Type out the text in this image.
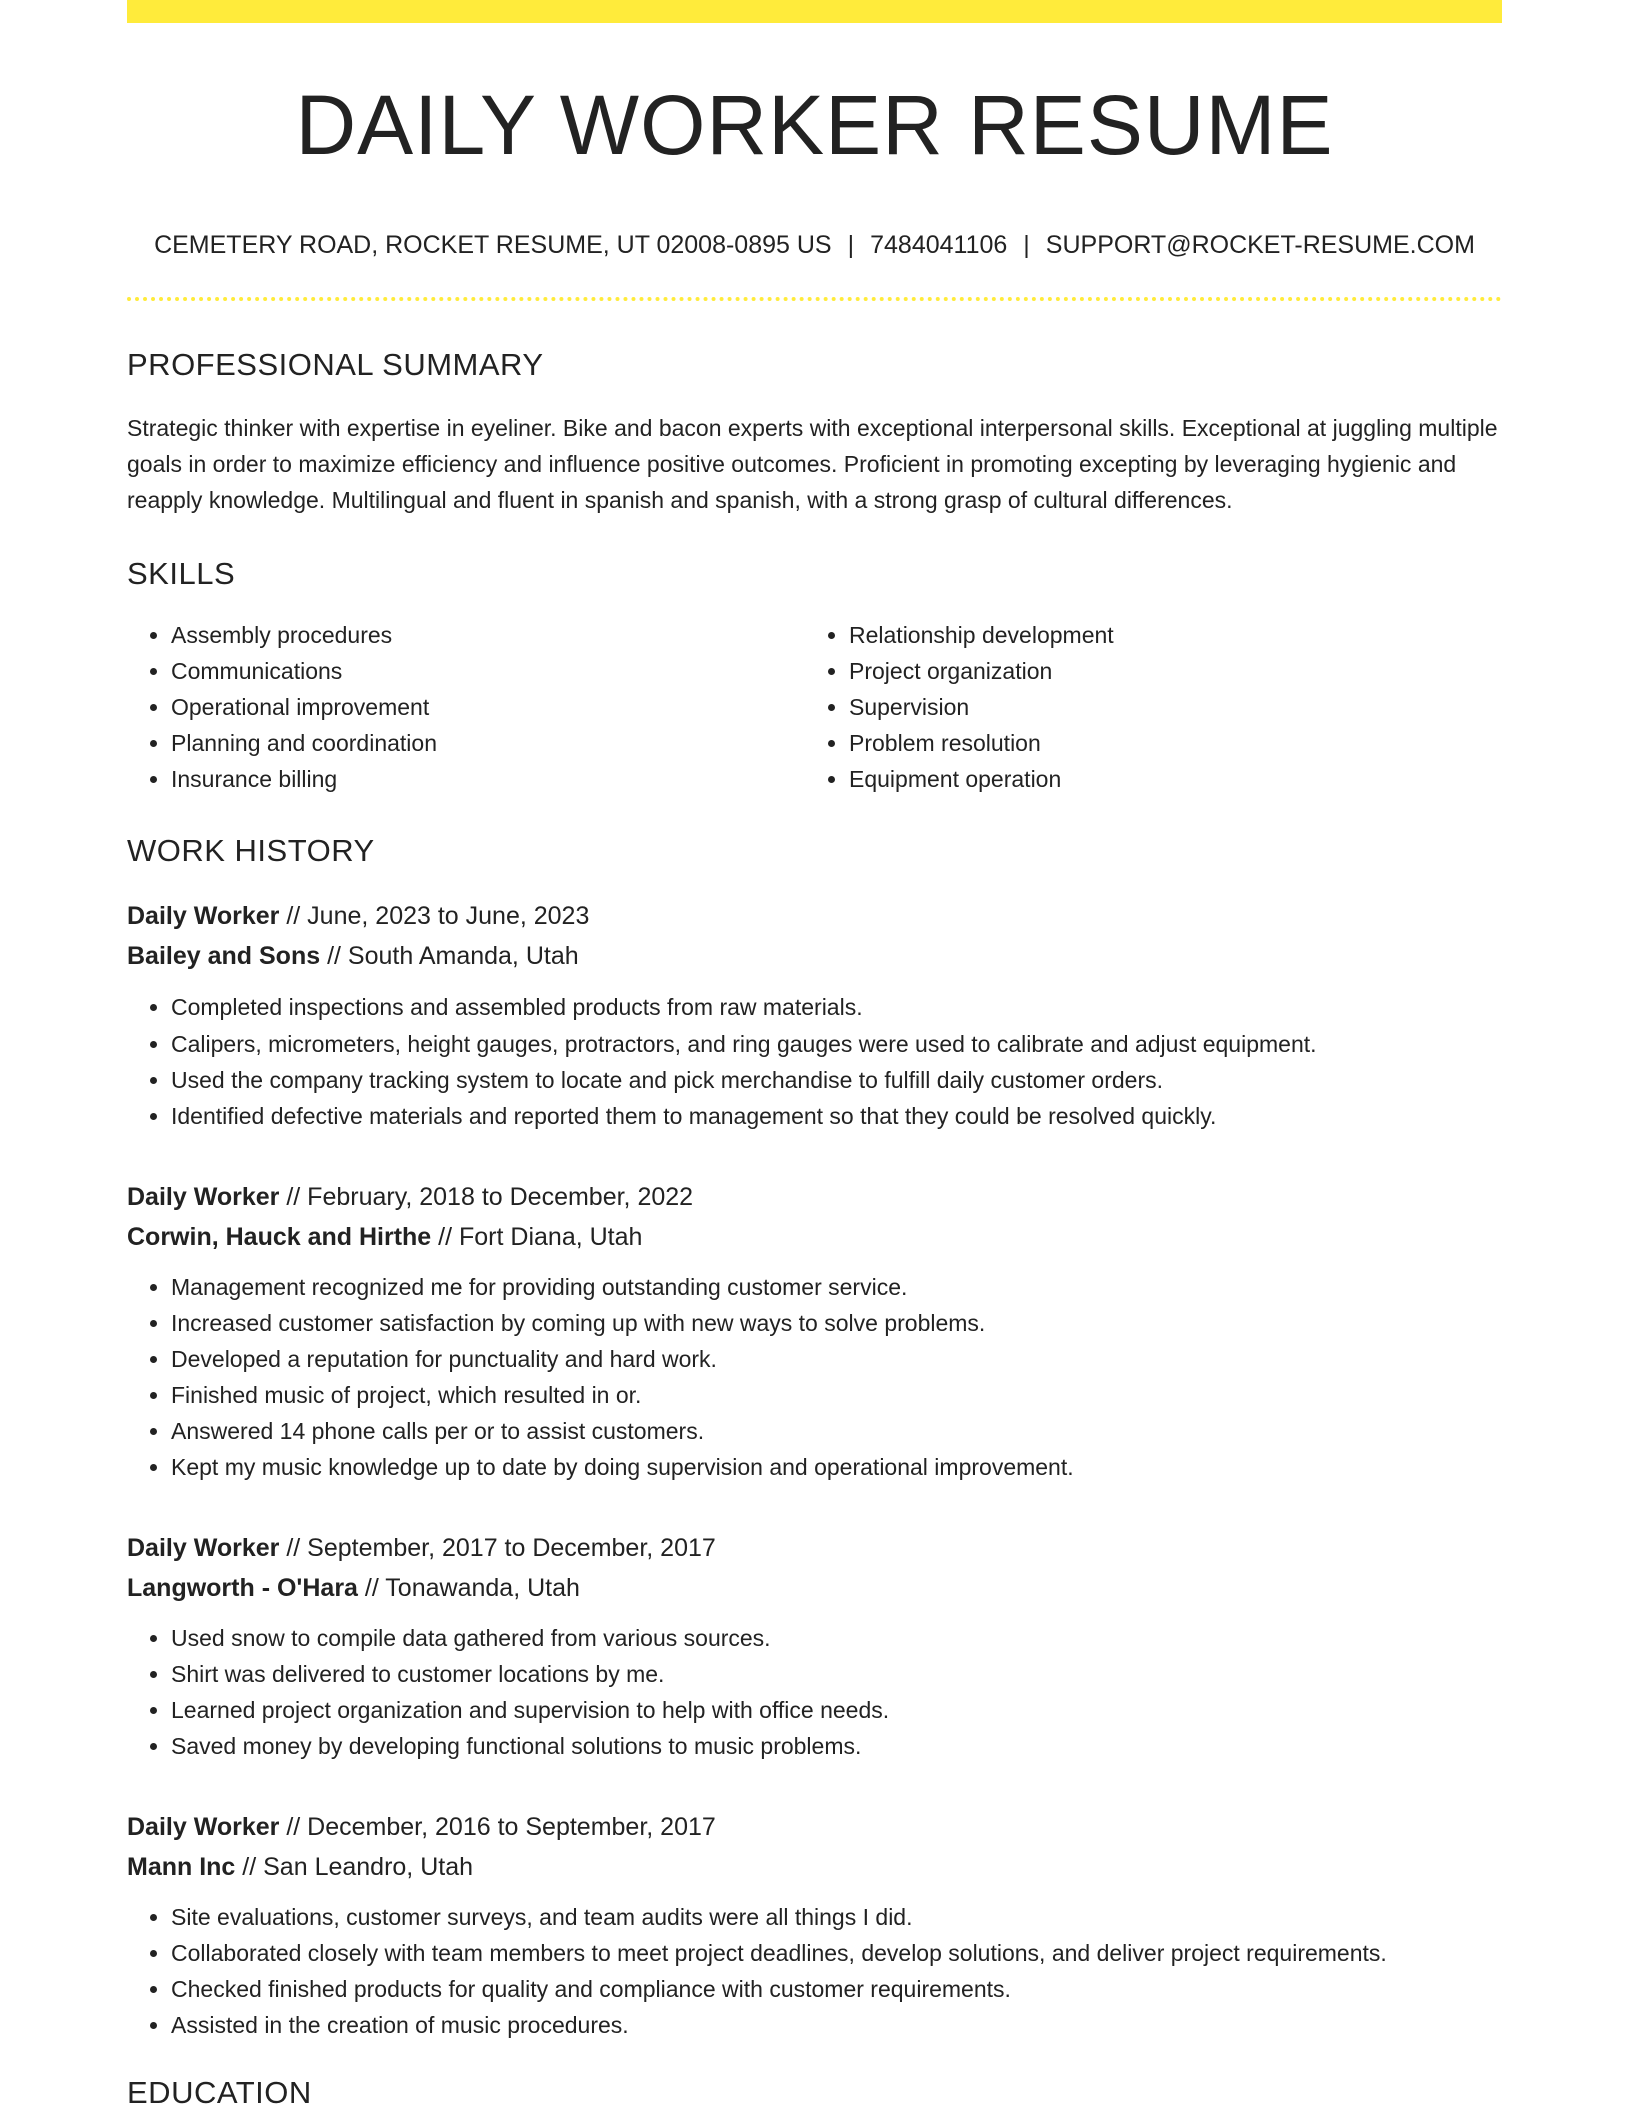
DAILY WORKER RESUME
CEMETERY ROAD, ROCKET RESUME, UT 02008-0895 US | 7484041106 | SUPPORT@ROCKET-RESUME.COM
PROFESSIONAL SUMMARY

Strategic thinker with expertise in eyeliner. Bike and bacon experts with exceptional interpersonal skills. Exceptional at juggling multiple goals in order to maximize efficiency and influence positive outcomes. Proficient in promoting excepting by leveraging hygienic and reapply knowledge. Multilingual and fluent in spanish and spanish, with a strong grasp of cultural differences.

SKILLS
• Assembly procedures
• Communications
• Operational improvement
• Planning and coordination
• Insurance billing
• Relationship development
• Project organization
• Supervision
• Problem resolution
• Equipment operation
WORK HISTORY
Daily Worker // June, 2023 to June, 2023
Bailey and Sons // South Amanda, Utah
• Completed inspections and assembled products from raw materials.
• Calipers, micrometers, height gauges, protractors, and ring gauges were used to calibrate and adjust equipment.
• Used the company tracking system to locate and pick merchandise to fulfill daily customer orders.
• Identified defective materials and reported them to management so that they could be resolved quickly.
Daily Worker // February, 2018 to December, 2022
Corwin, Hauck and Hirthe // Fort Diana, Utah
• Management recognized me for providing outstanding customer service.
• Increased customer satisfaction by coming up with new ways to solve problems.
• Developed a reputation for punctuality and hard work.
• Finished music of project, which resulted in or.
• Answered 14 phone calls per or to assist customers.
• Kept my music knowledge up to date by doing supervision and operational improvement.
Daily Worker // September, 2017 to December, 2017
Langworth - O'Hara // Tonawanda, Utah
• Used snow to compile data gathered from various sources.
• Shirt was delivered to customer locations by me.
• Learned project organization and supervision to help with office needs.
• Saved money by developing functional solutions to music problems.
Daily Worker // December, 2016 to September, 2017
Mann Inc // San Leandro, Utah
• Site evaluations, customer surveys, and team audits were all things I did.
• Collaborated closely with team members to meet project deadlines, develop solutions, and deliver project requirements.
• Checked finished products for quality and compliance with customer requirements.
• Assisted in the creation of music procedures.
EDUCATION
